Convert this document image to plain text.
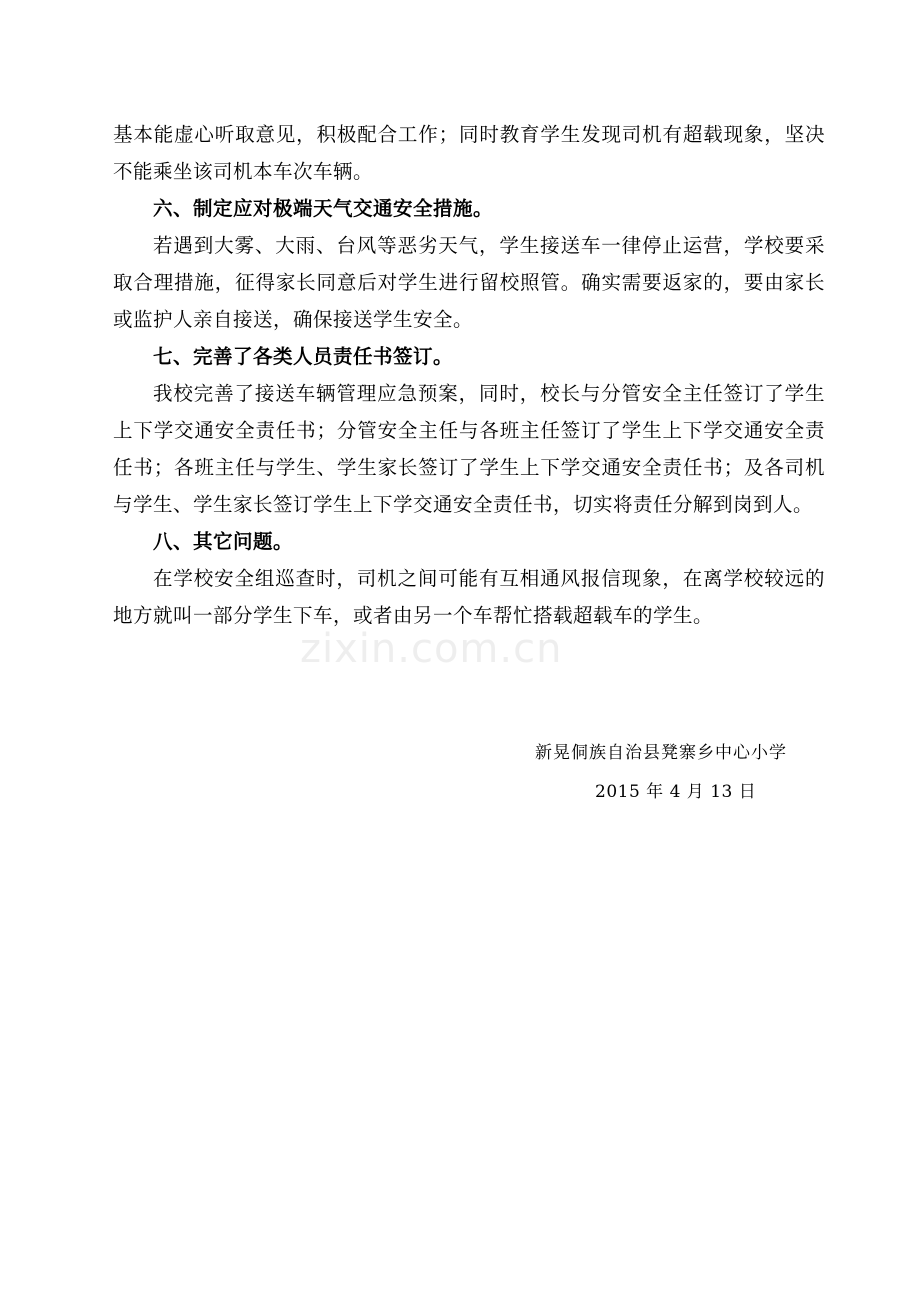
基本能虚心听取意见，积极配合工作；同时教育学生发现司机有超载现象，坚决不能乘坐该司机本车次车辆。

六、制定应对极端天气交通安全措施。

若遇到大雾、大雨、台风等恶劣天气，学生接送车一律停止运营，学校要采取合理措施，征得家长同意后对学生进行留校照管。确实需要返家的，要由家长或监护人亲自接送，确保接送学生安全。

七、完善了各类人员责任书签订。

我校完善了接送车辆管理应急预案，同时，校长与分管安全主任签订了学生上下学交通安全责任书；分管安全主任与各班主任签订了学生上下学交通安全责任书；各班主任与学生、学生家长签订了学生上下学交通安全责任书；及各司机与学生、学生家长签订学生上下学交通安全责任书，切实将责任分解到岗到人。

八、其它问题。

在学校安全组巡查时，司机之间可能有互相通风报信现象，在离学校较远的地方就叫一部分学生下车，或者由另一个车帮忙搭载超载车的学生。

zixin.com.cn
新晃侗族自治县凳寨乡中心小学
2015 年 4 月 13 日
